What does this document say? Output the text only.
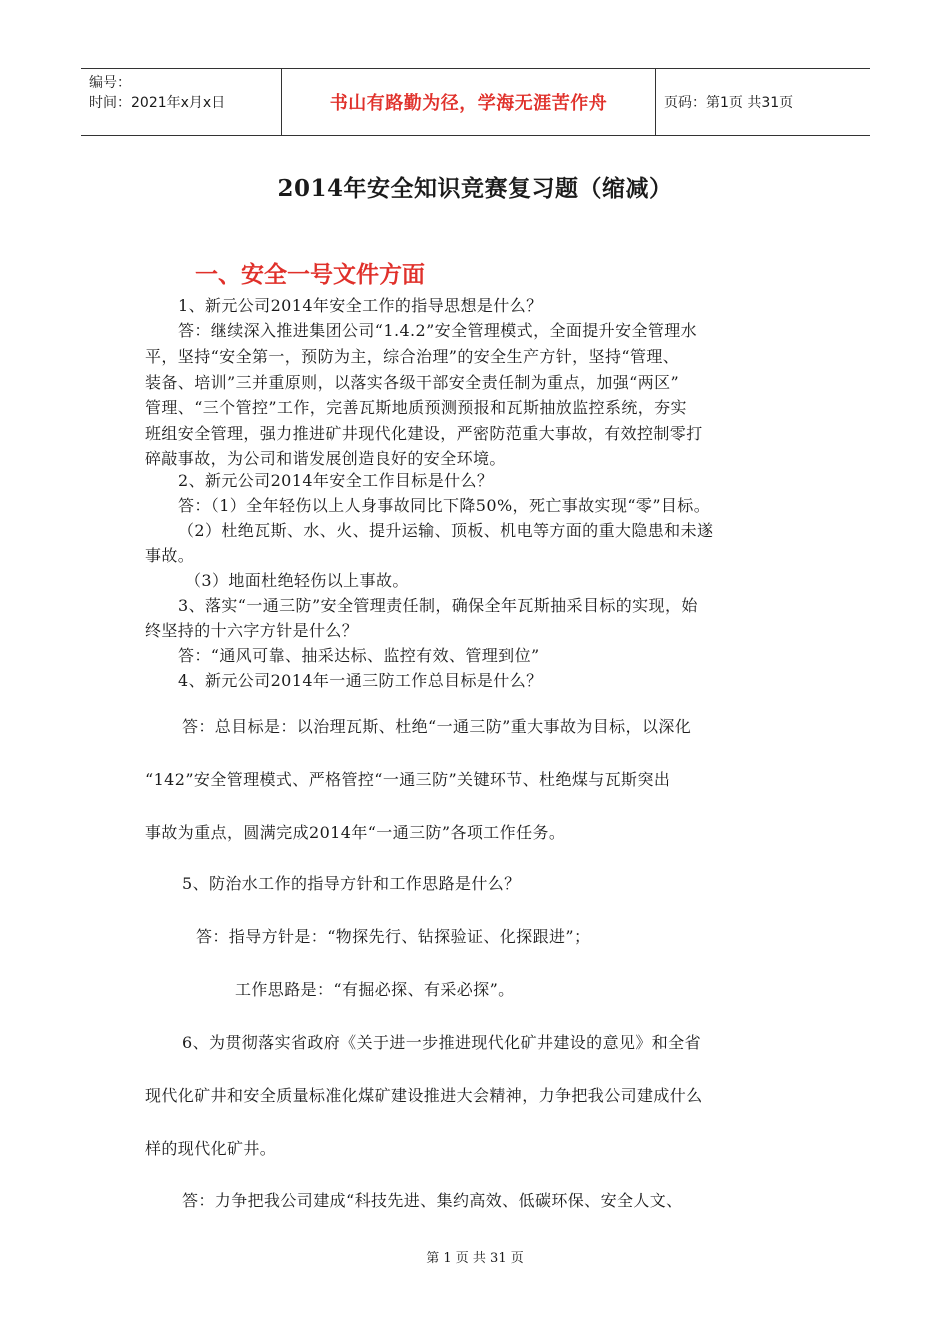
编号：
时间：2021年x月x日	书山有路勤为径，学海无涯苦作舟	页码：第1页 共31页
2014年安全知识竞赛复习题（缩减）
一、安全一号文件方面
1、新元公司2014年安全工作的指导思想是什么？
答：继续深入推进集团公司“1.4.2”安全管理模式，全面提升安全管理水
平，坚持“安全第一，预防为主，综合治理”的安全生产方针，坚持“管理、
装备、培训”三并重原则，以落实各级干部安全责任制为重点，加强“两区”
管理、“三个管控”工作，完善瓦斯地质预测预报和瓦斯抽放监控系统，夯实
班组安全管理，强力推进矿井现代化建设，严密防范重大事故，有效控制零打
碎敲事故，为公司和谐发展创造良好的安全环境。
2、新元公司2014年安全工作目标是什么？
答：（1）全年轻伤以上人身事故同比下降50%，死亡事故实现“零”目标。
（2）杜绝瓦斯、水、火、提升运输、顶板、机电等方面的重大隐患和未遂
事故。
（3）地面杜绝轻伤以上事故。
3、落实“一通三防”安全管理责任制，确保全年瓦斯抽采目标的实现，始
终坚持的十六字方针是什么？
答：“通风可靠、抽采达标、监控有效、管理到位”
4、新元公司2014年一通三防工作总目标是什么？
答：总目标是：以治理瓦斯、杜绝“一通三防”重大事故为目标，以深化
“142”安全管理模式、严格管控“一通三防”关键环节、杜绝煤与瓦斯突出
事故为重点，圆满完成2014年“一通三防”各项工作任务。
5、防治水工作的指导方针和工作思路是什么？
答：指导方针是：“物探先行、钻探验证、化探跟进”；
工作思路是：“有掘必探、有采必探”。
6、为贯彻落实省政府《关于进一步推进现代化矿井建设的意见》和全省
现代化矿井和安全质量标准化煤矿建设推进大会精神，力争把我公司建成什么
样的现代化矿井。
答：力争把我公司建成“科技先进、集约高效、低碳环保、安全人文、
第 1 页 共 31 页
